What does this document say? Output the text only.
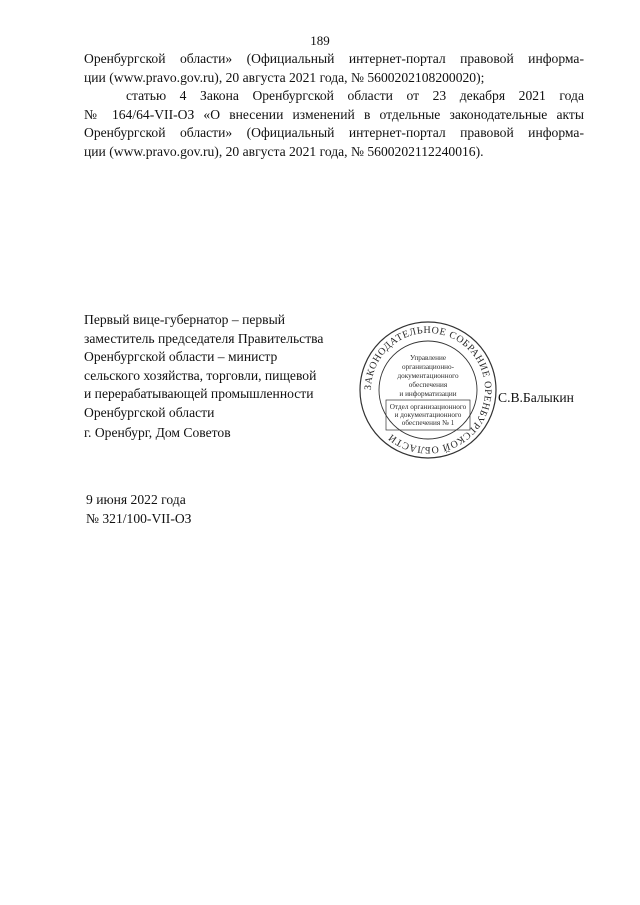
189
Оренбургской области» (Официальный интернет-портал правовой информа-
ции (www.pravo.gov.ru), 20 августа 2021 года, № 5600202108200020);
статью 4 Закона Оренбургской области от 23 декабря 2021 года
№ 164/64-VII-ОЗ «О внесении изменений в отдельные законодательные акты
Оренбургской области» (Официальный интернет-портал правовой информа-
ции (www.pravo.gov.ru), 20 августа 2021 года, № 5600202112240016).
Первый вице-губернатор – первый
заместитель председателя Правительства
Оренбургской области – министр
сельского хозяйства, торговли, пищевой
и перерабатывающей промышленности
Оренбургской области
ЗАКОНОДАТЕЛЬНОЕ СОБРАНИЕ ОРЕНБУРГСКОЙ ОБЛАСТИ
Управление
организационно-
документационного
обеспечения
и информатизации
Отдел организационного
и документационного
обеспечения № 1
С.В.Балыкин
г. Оренбург, Дом Советов
9 июня 2022 года
№ 321/100-VII-ОЗ
